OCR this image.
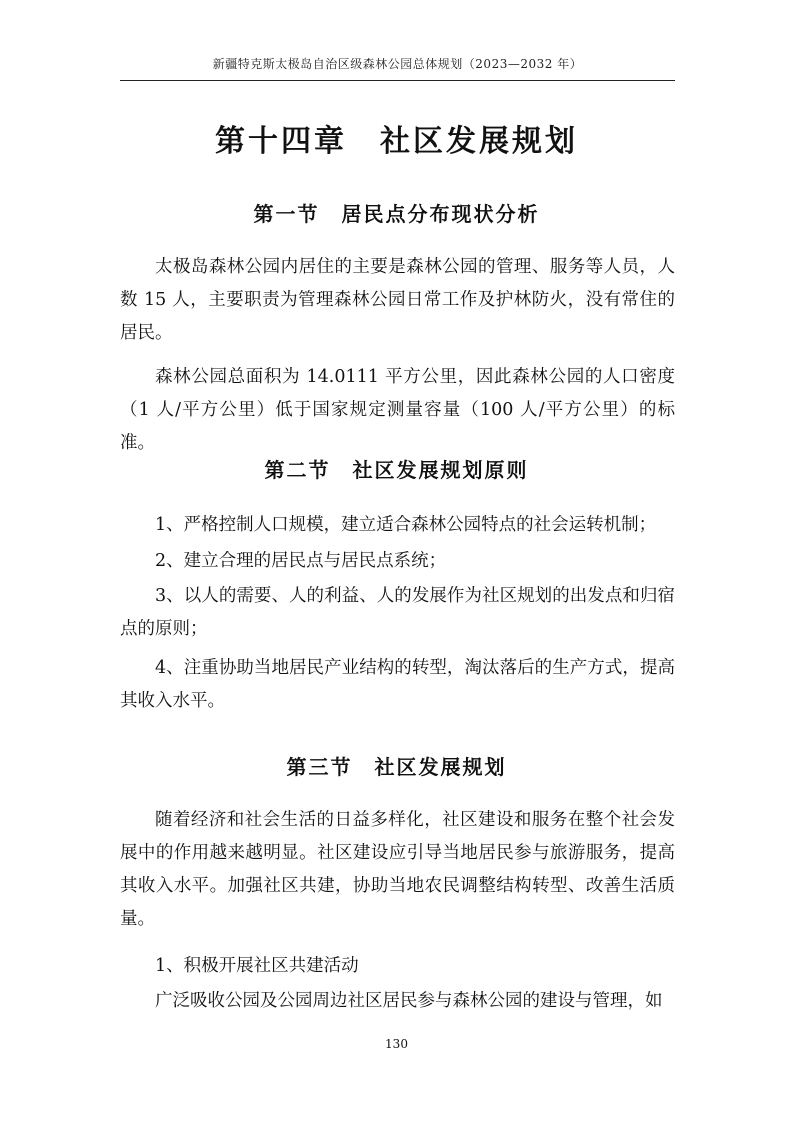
新疆特克斯太极岛自治区级森林公园总体规划（2023—2032 年）
第十四章　社区发展规划
第一节　居民点分布现状分析

太极岛森林公园内居住的主要是森林公园的管理、服务等人员，人数 15 人，主要职责为管理森林公园日常工作及护林防火，没有常住的居民。

森林公园总面积为 14.0111 平方公里，因此森林公园的人口密度（1 人/平方公里）低于国家规定测量容量（100 人/平方公里）的标准。

第二节　社区发展规划原则

1、严格控制人口规模，建立适合森林公园特点的社会运转机制；

2、建立合理的居民点与居民点系统；

3、以人的需要、人的利益、人的发展作为社区规划的出发点和归宿点的原则；

4、注重协助当地居民产业结构的转型，淘汰落后的生产方式，提高其收入水平。

第三节　社区发展规划

随着经济和社会生活的日益多样化，社区建设和服务在整个社会发展中的作用越来越明显。社区建设应引导当地居民参与旅游服务，提高其收入水平。加强社区共建，协助当地农民调整结构转型、改善生活质量。

1、积极开展社区共建活动

广泛吸收公园及公园周边社区居民参与森林公园的建设与管理，如

130
